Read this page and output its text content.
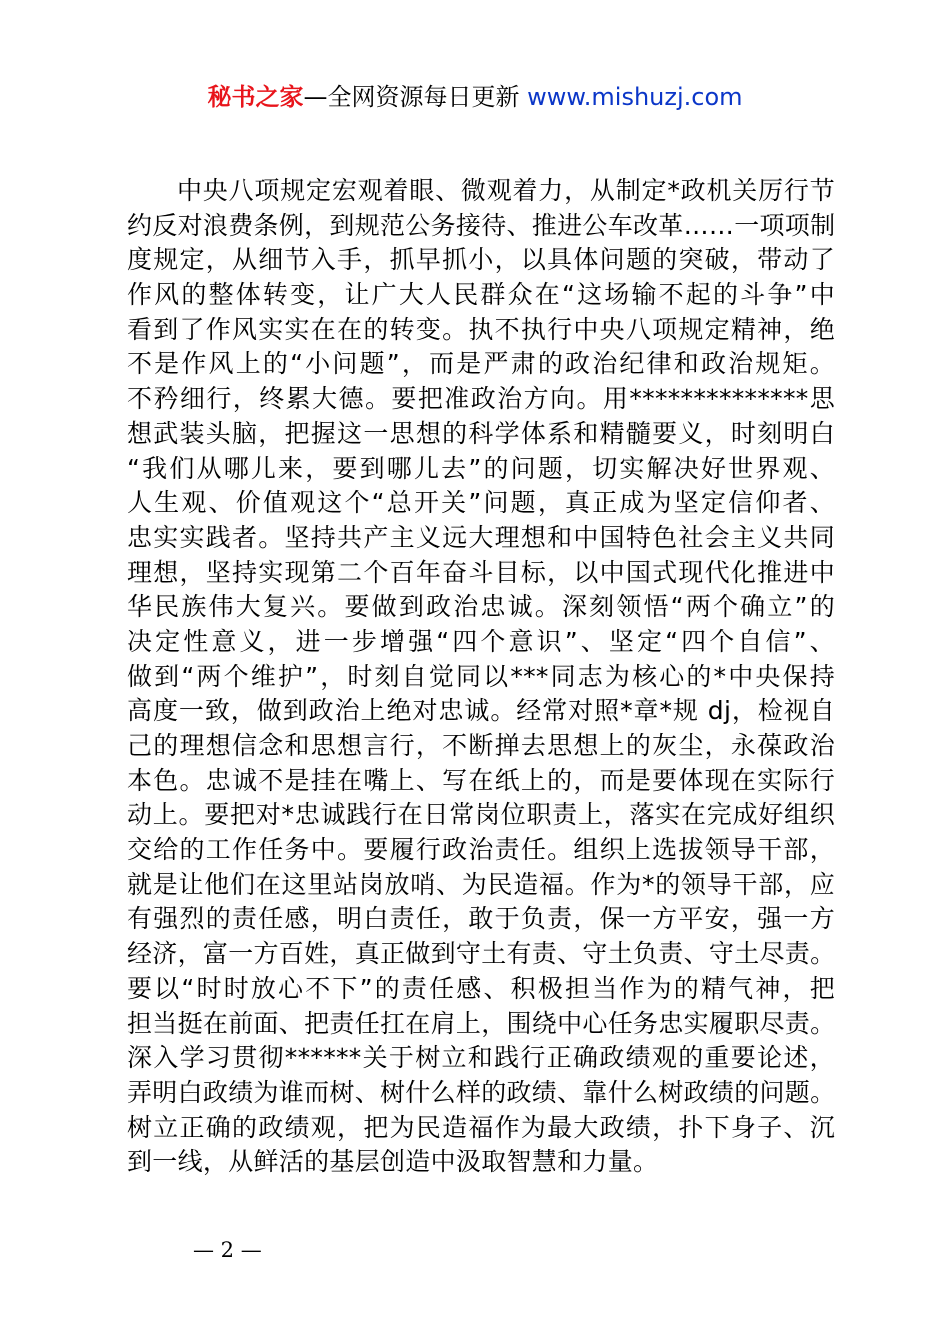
秘书之家—全网资源每日更新 www.mishuzj.com
中央八项规定宏观着眼、微观着力，从制定*政机关厉行节
约反对浪费条例，到规范公务接待、推进公车改革……一项项制
度规定，从细节入手，抓早抓小，以具体问题的突破，带动了
作风的整体转变，让广大人民群众在“这场输不起的斗争”中
看到了作风实实在在的转变。执不执行中央八项规定精神，绝
不是作风上的“小问题”，而是严肃的政治纪律和政治规矩。
不矜细行，终累大德。要把准政治方向。用**************思
想武装头脑，把握这一思想的科学体系和精髓要义，时刻明白
“我们从哪儿来，要到哪儿去”的问题，切实解决好世界观、
人生观、价值观这个“总开关”问题，真正成为坚定信仰者、
忠实实践者。坚持共产主义远大理想和中国特色社会主义共同
理想，坚持实现第二个百年奋斗目标，以中国式现代化推进中
华民族伟大复兴。要做到政治忠诚。深刻领悟“两个确立”的
决定性意义，进一步增强“四个意识”、坚定“四个自信”、
做到“两个维护”，时刻自觉同以***同志为核心的*中央保持
高度一致，做到政治上绝对忠诚。经常对照*章*规 dj，检视自
己的理想信念和思想言行，不断掸去思想上的灰尘，永葆政治
本色。忠诚不是挂在嘴上、写在纸上的，而是要体现在实际行
动上。要把对*忠诚践行在日常岗位职责上，落实在完成好组织
交给的工作任务中。要履行政治责任。组织上选拔领导干部，
就是让他们在这里站岗放哨、为民造福。作为*的领导干部，应
有强烈的责任感，明白责任，敢于负责，保一方平安，强一方
经济，富一方百姓，真正做到守土有责、守土负责、守土尽责。
要以“时时放心不下”的责任感、积极担当作为的精气神，把
担当挺在前面、把责任扛在肩上，围绕中心任务忠实履职尽责。
深入学习贯彻******关于树立和践行正确政绩观的重要论述，
弄明白政绩为谁而树、树什么样的政绩、靠什么树政绩的问题。
树立正确的政绩观，把为民造福作为最大政绩，扑下身子、沉
到一线，从鲜活的基层创造中汲取智慧和力量。
— 2 —
